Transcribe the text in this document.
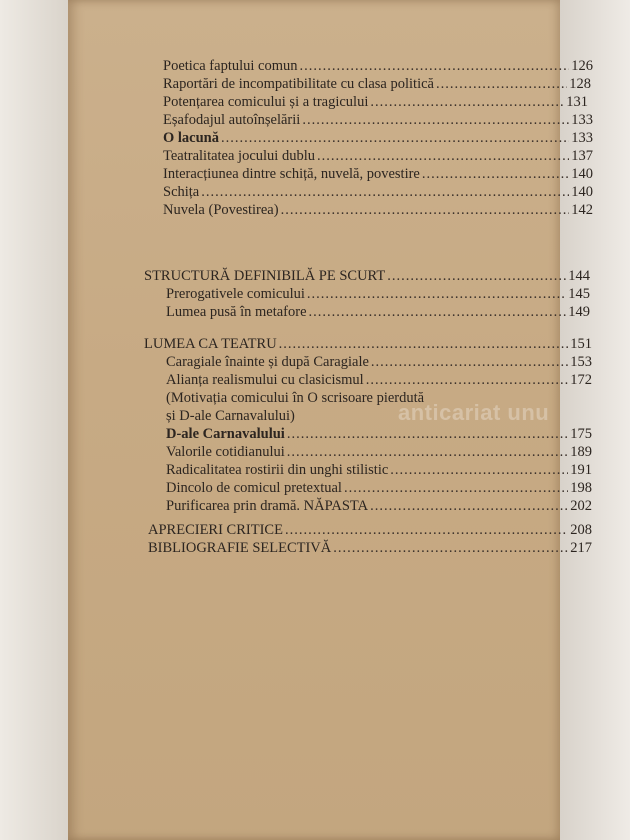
Poetica faptului comun .....	126
Raportări de incompatibilitate cu clasa politică .....	128
Potențarea comicului și a tragicului .....	131
Eșafodajul autoînșelării .....	133
O lacună .....	133
Teatralitatea jocului dublu .....	137
Interacțiunea dintre schiță, nuvelă, povestire .....	140
Schița .....	140
Nuvela (Povestirea) .....	142
STRUCTURĂ DEFINIBILĂ PE SCURT .....	144
Prerogativele comicului .....	145
Lumea pusă în metafore .....	149
LUMEA CA TEATRU .....	151
Caragiale înainte și după Caragiale .....	153
Alianța realismului cu clasicismul .....	172
(Motivația comicului în O scrisoare pierdută
și D-ale Carnavalului)
D-ale Carnavalului .....	175
Valorile cotidianului .....	189
Radicalitatea rostirii din unghi stilistic .....	191
Dincolo de comicul pretextual .....	198
Purificarea prin dramă. NĂPASTA .....	202
APRECIERI CRITICE .....	208
BIBLIOGRAFIE SELECTIVĂ .....	217
anticariat unu
